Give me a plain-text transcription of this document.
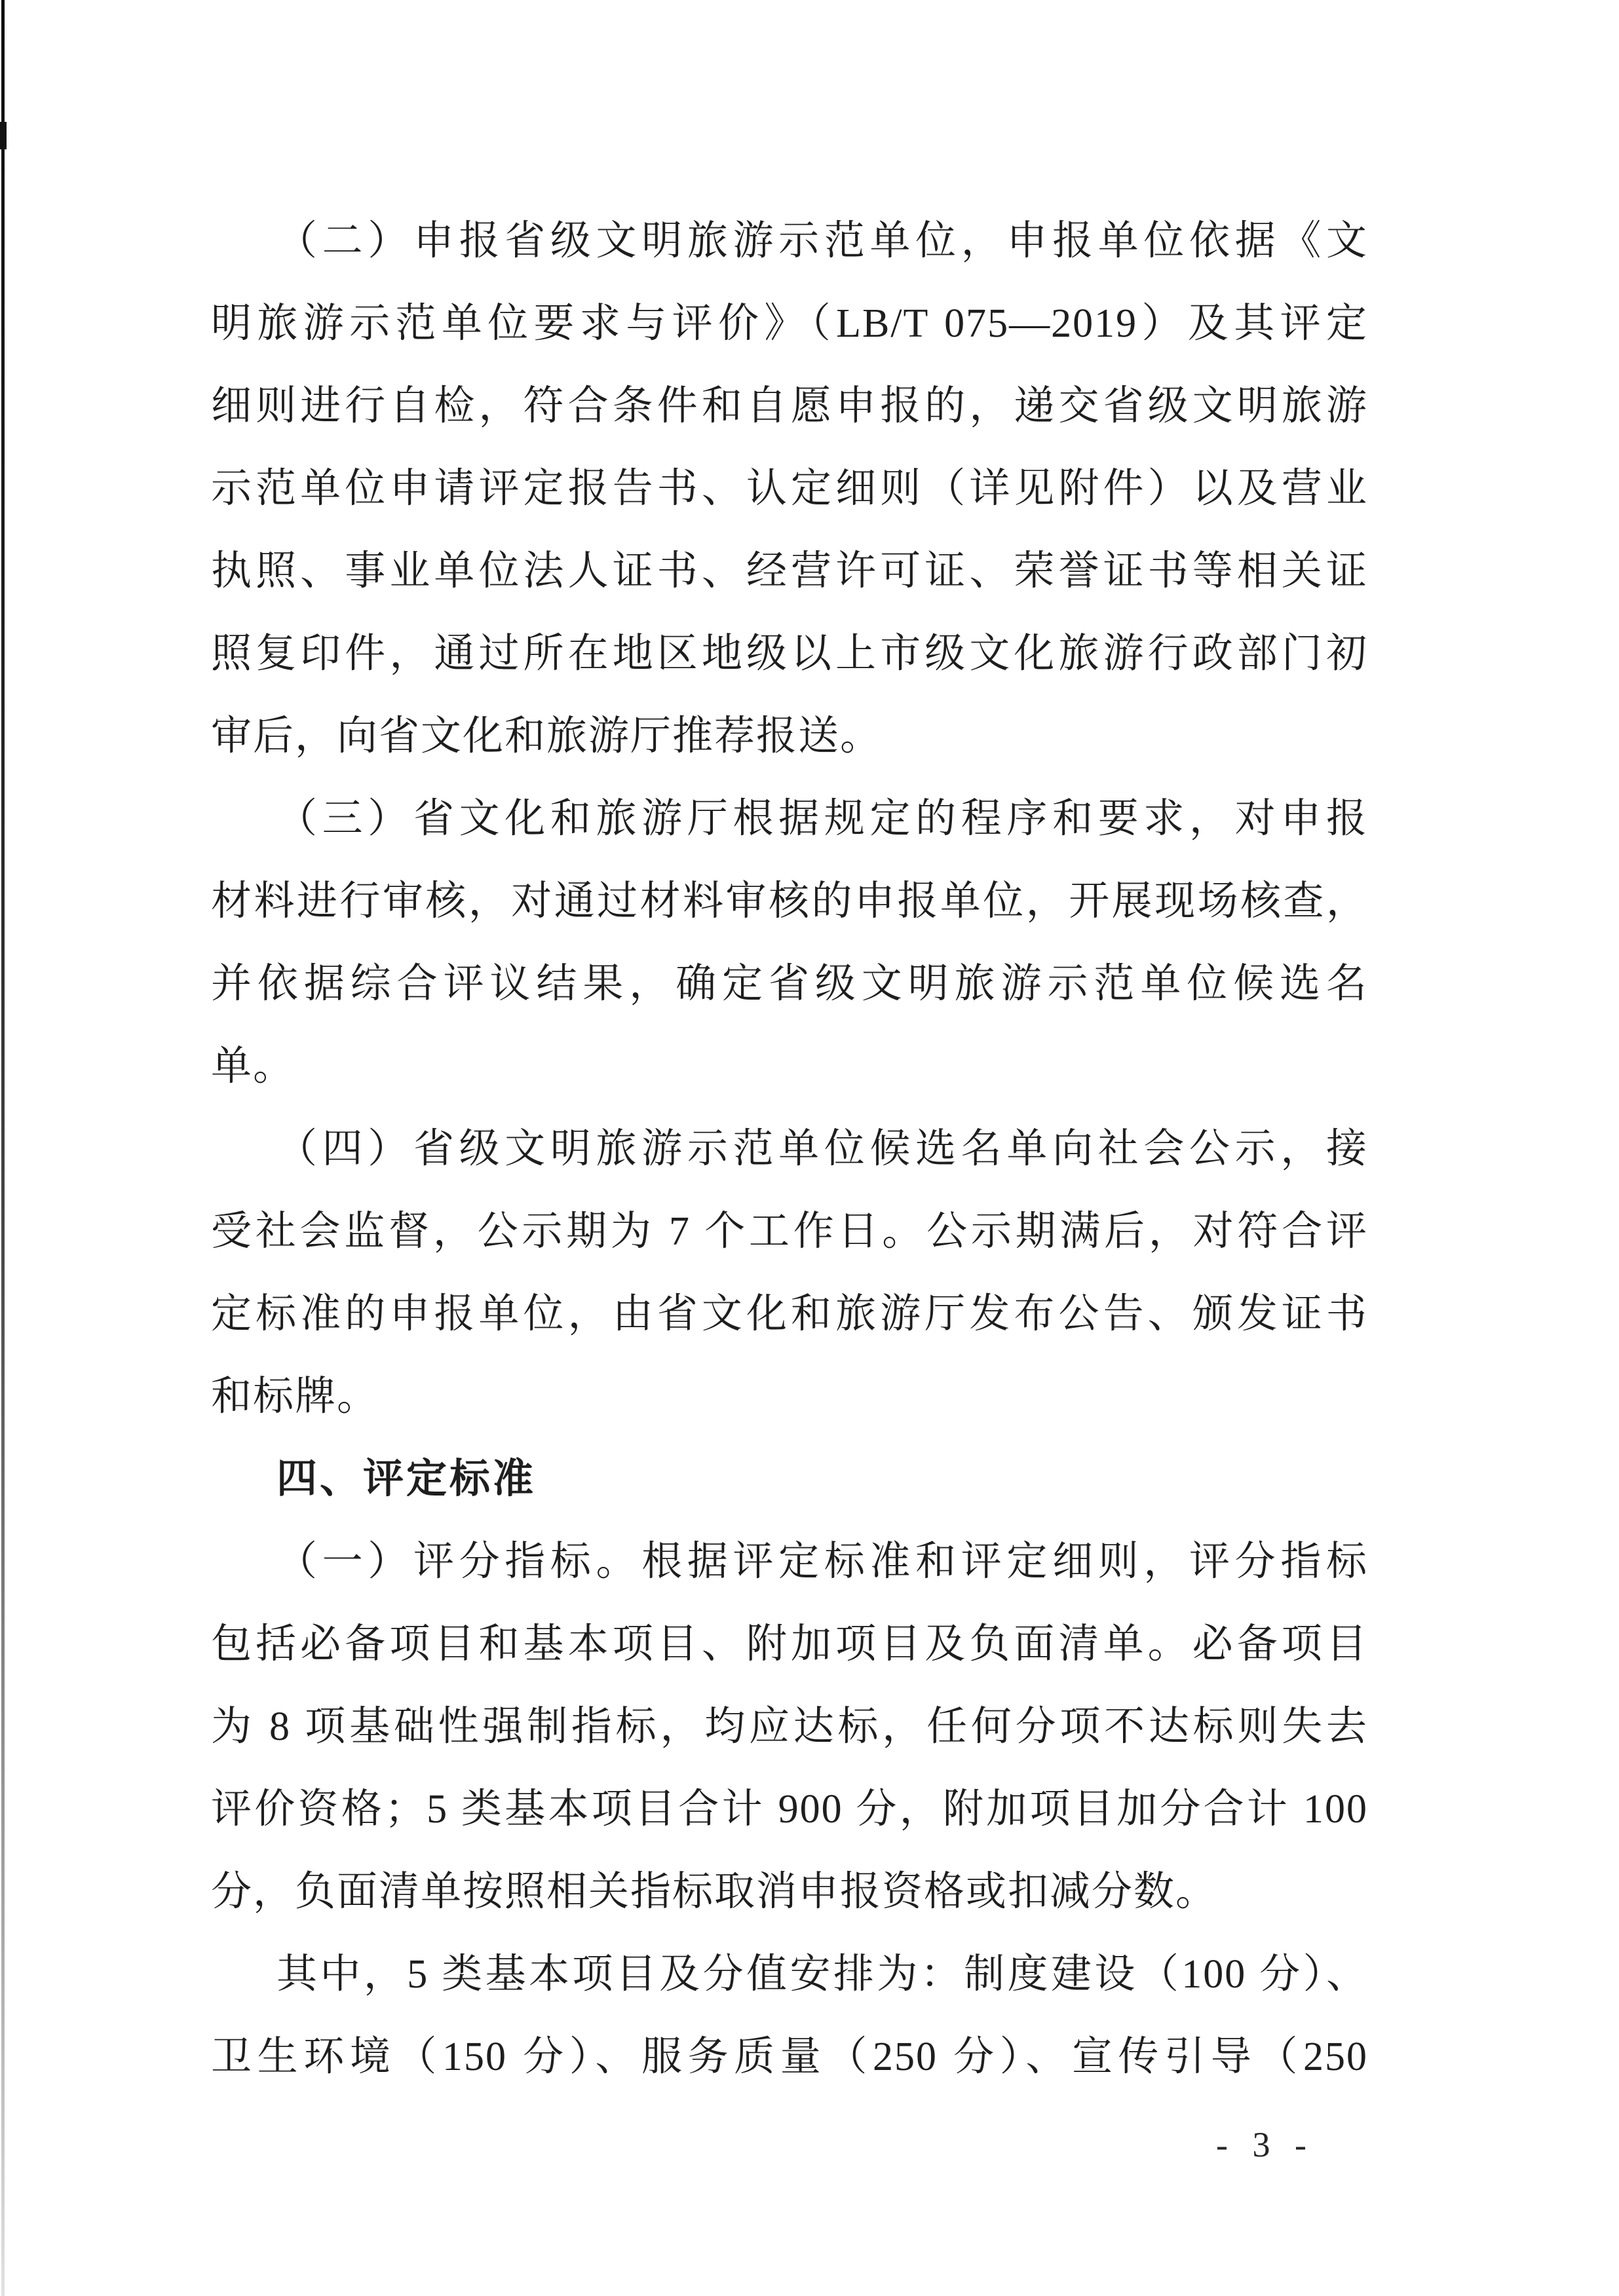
（二）申报省级文明旅游示范单位，申报单位依据《文

明旅游示范单位要求与评价》（LB/T 075—2019）及其评定

细则进行自检，符合条件和自愿申报的，递交省级文明旅游

示范单位申请评定报告书、认定细则（详见附件）以及营业

执照、事业单位法人证书、经营许可证、荣誉证书等相关证

照复印件，通过所在地区地级以上市级文化旅游行政部门初

审后，向省文化和旅游厅推荐报送。

（三）省文化和旅游厅根据规定的程序和要求，对申报

材料进行审核，对通过材料审核的申报单位，开展现场核查，

并依据综合评议结果，确定省级文明旅游示范单位候选名

单。

（四）省级文明旅游示范单位候选名单向社会公示，接

受社会监督，公示期为 7 个工作日。公示期满后，对符合评

定标准的申报单位，由省文化和旅游厅发布公告、颁发证书

和标牌。

四、评定标准

（一）评分指标。根据评定标准和评定细则，评分指标

包括必备项目和基本项目、附加项目及负面清单。必备项目

为 8 项基础性强制指标，均应达标，任何分项不达标则失去

评价资格；5 类基本项目合计 900 分，附加项目加分合计 100

分，负面清单按照相关指标取消申报资格或扣减分数。

其中，5 类基本项目及分值安排为：制度建设（100 分）、

卫生环境（150 分）、服务质量（250 分）、宣传引导（250

- 3 -
